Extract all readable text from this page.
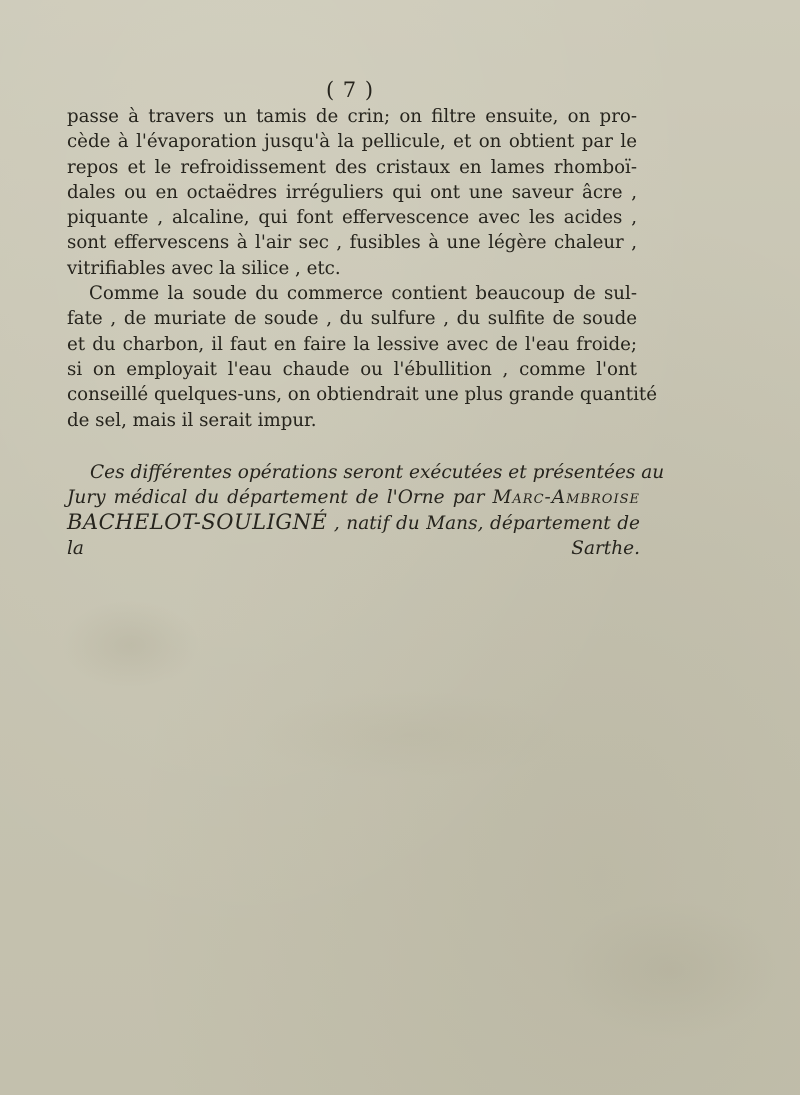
( 7 )
passe à travers un tamis de crin; on filtre ensuite, on pro-
cède à l'évaporation jusqu'à la pellicule, et on obtient par le
repos et le refroidissement des cristaux en lames rhomboï-
dales ou en octaëdres irréguliers qui ont une saveur âcre ,
piquante , alcaline, qui font effervescence avec les acides ,
sont effervescens à l'air sec , fusibles à une légère chaleur ,
vitrifiables avec la silice , etc.
Comme la soude du commerce contient beaucoup de sul-
fate , de muriate de soude , du sulfure , du sulfite de soude
et du charbon, il faut en faire la lessive avec de l'eau froide;
si on employait l'eau chaude ou l'ébullition , comme l'ont
conseillé quelques-uns, on obtiendrait une plus grande quantité
de sel, mais il serait impur.
Ces différentes opérations seront exécutées et présentées au
Jury médical du département de l'Orne par Marc-Ambroise
BACHELOT-SOULIGNÉ , natif du Mans, département de
la Sarthe.
